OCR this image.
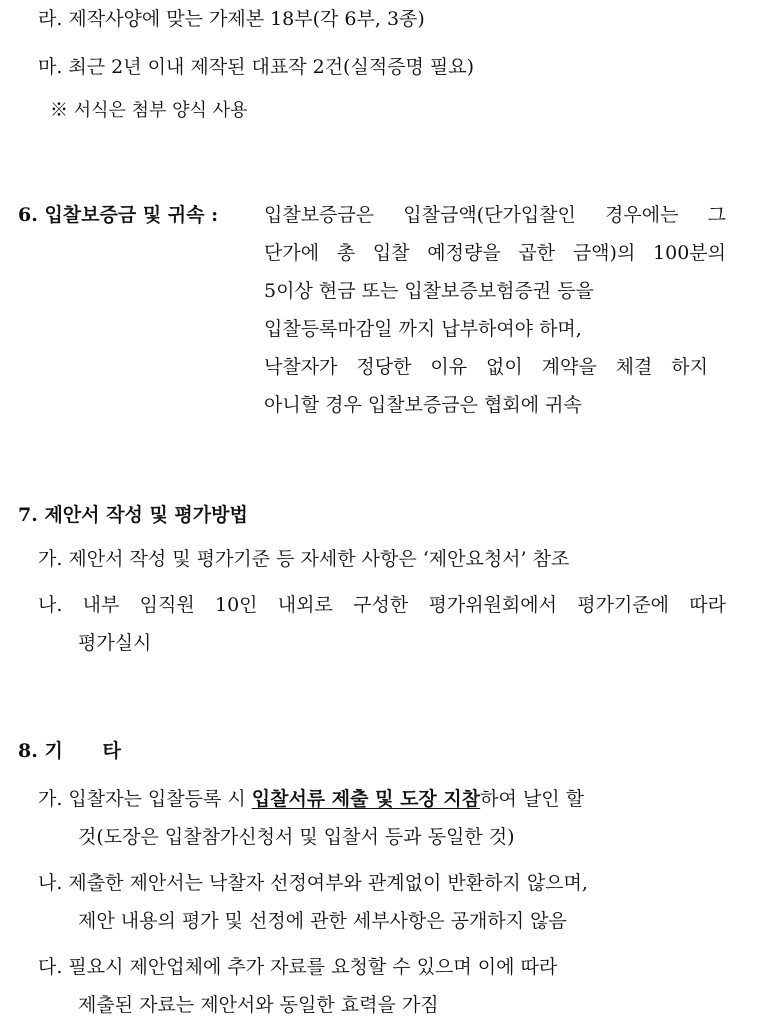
라. 제작사양에 맞는 가제본 18부(각 6부, 3종)
마. 최근 2년 이내 제작된 대표작 2건(실적증명 필요)
※ 서식은 첨부 양식 사용
6. 입찰보증금 및 귀속 : 입찰보증금은 입찰금액(단가입찰인 경우에는 그
단가에 총 입찰 예정량을 곱한 금액)의 100분의
5이상 현금 또는 입찰보증보험증권 등을
입찰등록마감일 까지 납부하여야 하며,
낙찰자가 정당한 이유 없이 계약을 체결 하지
아니할 경우 입찰보증금은 협회에 귀속
7. 제안서 작성 및 평가방법
가. 제안서 작성 및 평가기준 등 자세한 사항은 ‘제안요청서’ 참조
나. 내부 임직원 10인 내외로 구성한 평가위원회에서 평가기준에 따라
평가실시
8. 기      타
가. 입찰자는 입찰등록 시 입찰서류 제출 및 도장 지참하여 날인 할
것(도장은 입찰참가신청서 및 입찰서 등과 동일한 것)
나. 제출한 제안서는 낙찰자 선정여부와 관계없이 반환하지 않으며,
제안 내용의 평가 및 선정에 관한 세부사항은 공개하지 않음
다. 필요시 제안업체에 추가 자료를 요청할 수 있으며 이에 따라
제출된 자료는 제안서와 동일한 효력을 가짐
